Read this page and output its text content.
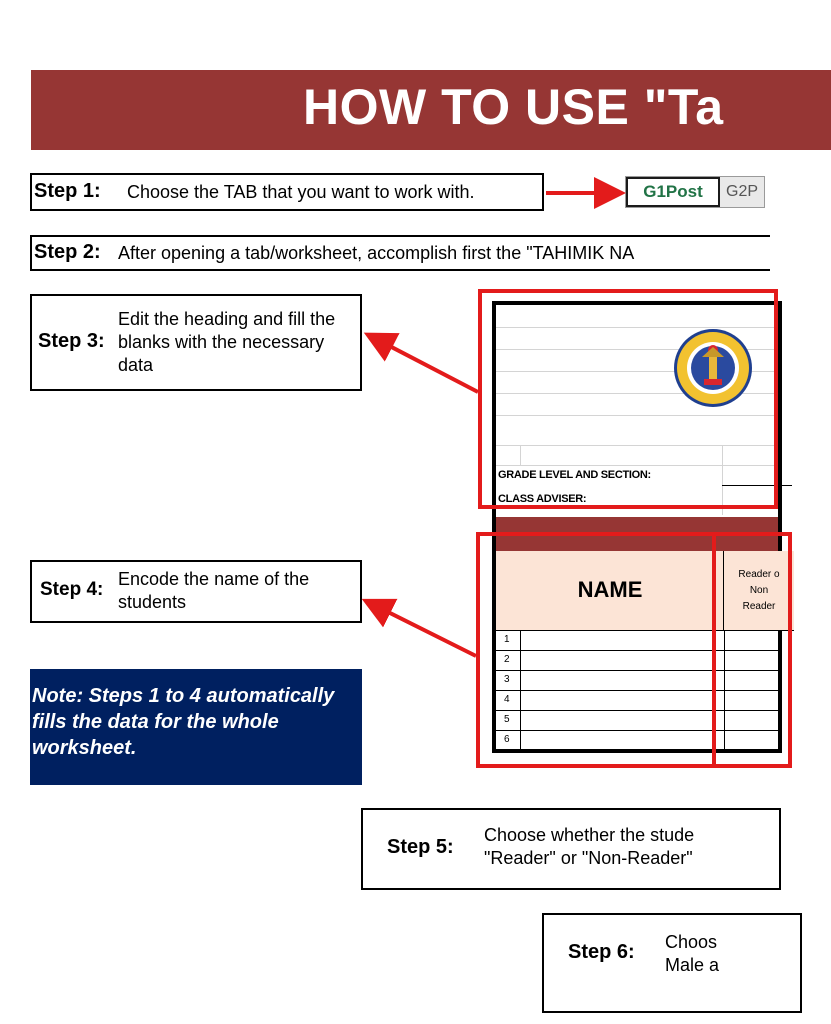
HOW TO USE "Ta
Step 1: Choose the TAB that you want to work with.	G1Post	G2P
Step 2: After opening a tab/worksheet, accomplish first the "TAHIMIK NA
Step 3:
Edit the heading and fill the blanks with the necessary data
Step 4: Encode the name of the students
Note: Steps 1 to 4 automatically fills the data for the whole worksheet.
GRADE LEVEL AND SECTION:
CLASS ADVISER:
NAME
Reader o
Non
Reader
1
2
3
4
5
6
Step 5:
Choose whether the stude
"Reader" or "Non-Reader"
Step 6: Choos
Male a
